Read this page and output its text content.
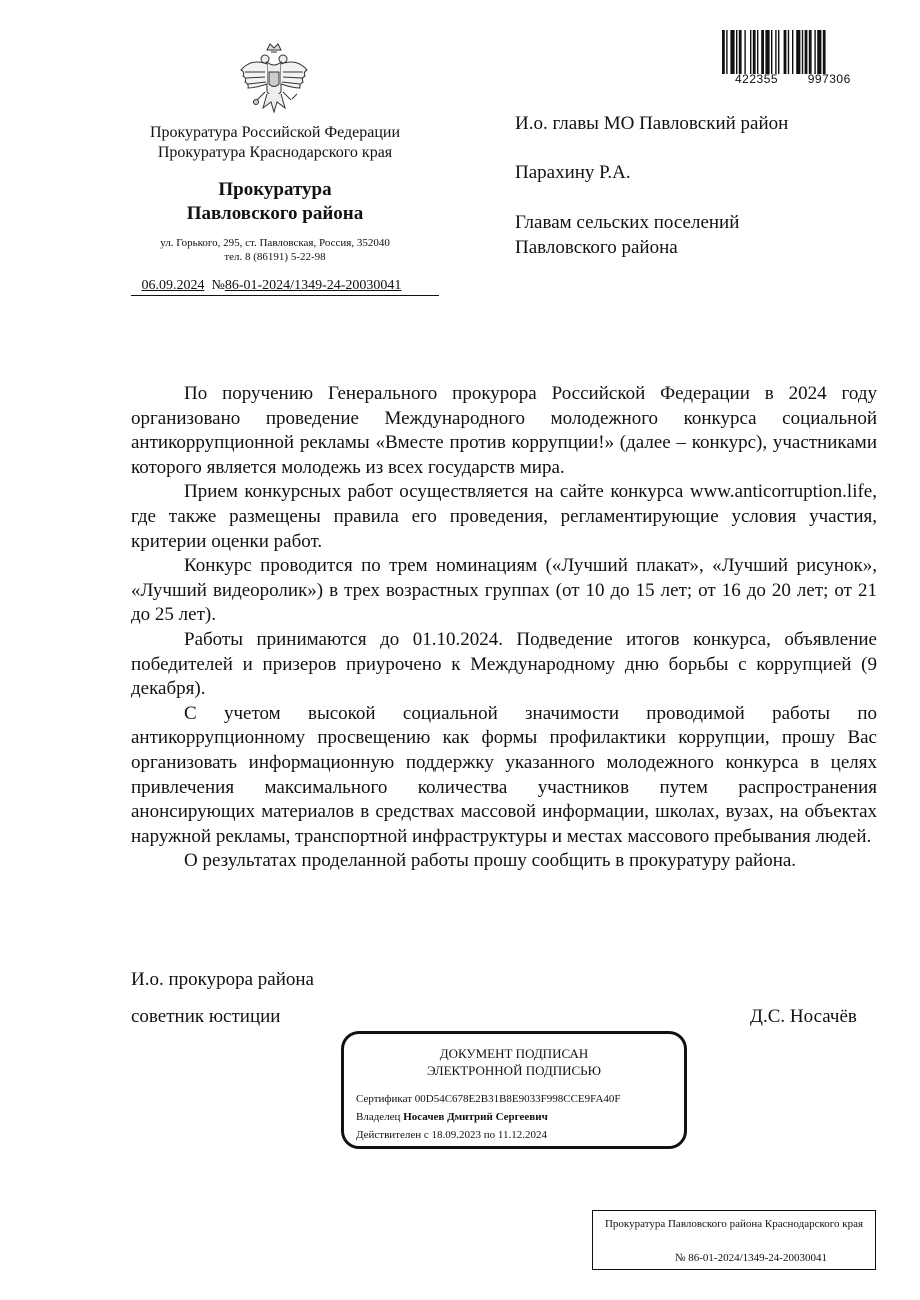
Прокуратура Российской Федерации
Прокуратура Краснодарского края
Прокуратура
Павловского района
ул. Горького, 295, ст. Павловская, Россия, 352040
тел. 8 (86191) 5-22-98
06.09.2024 №86-01-2024/1349-24-20030041
422355 997306
И.о. главы МО Павловский район
Парахину Р.А.
Главам сельских поселений
Павловского района

По поручению Генерального прокурора Российской Федерации в 2024 году организовано проведение Международного молодежного конкурса социальной антикоррупционной рекламы «Вместе против коррупции!» (далее – конкурс), участниками которого является молодежь из всех государств мира.

Прием конкурсных работ осуществляется на сайте конкурса www.anticorruption.life, где также размещены правила его проведения, регламентирующие условия участия, критерии оценки работ.

Конкурс проводится по трем номинациям («Лучший плакат», «Лучший рисунок», «Лучший видеоролик») в трех возрастных группах (от 10 до 15 лет; от 16 до 20 лет; от 21 до 25 лет).

Работы принимаются до 01.10.2024. Подведение итогов конкурса, объявление победителей и призеров приурочено к Международному дню борьбы с коррупцией (9 декабря).

С учетом высокой социальной значимости проводимой работы по антикоррупционному просвещению как формы профилактики коррупции, прошу Вас организовать информационную поддержку указанного молодежного конкурса в целях привлечения максимального количества участников путем распространения анонсирующих материалов в средствах массовой информации, школах, вузах, на объектах наружной рекламы, транспортной инфраструктуры и местах массового пребывания людей.

О результатах проделанной работы прошу сообщить в прокуратуру района.

И.о. прокурора района
советник юстиции	Д.С. Носачёв
ДОКУМЕНТ ПОДПИСАН
ЭЛЕКТРОННОЙ ПОДПИСЬЮ
Сертификат 00D54C678E2B31B8E9033F998CCE9FA40F
Владелец Носачев Дмитрий Сергеевич
Действителен с 18.09.2023 по 11.12.2024
Прокуратура Павловского района Краснодарского края
№ 86-01-2024/1349-24-20030041
